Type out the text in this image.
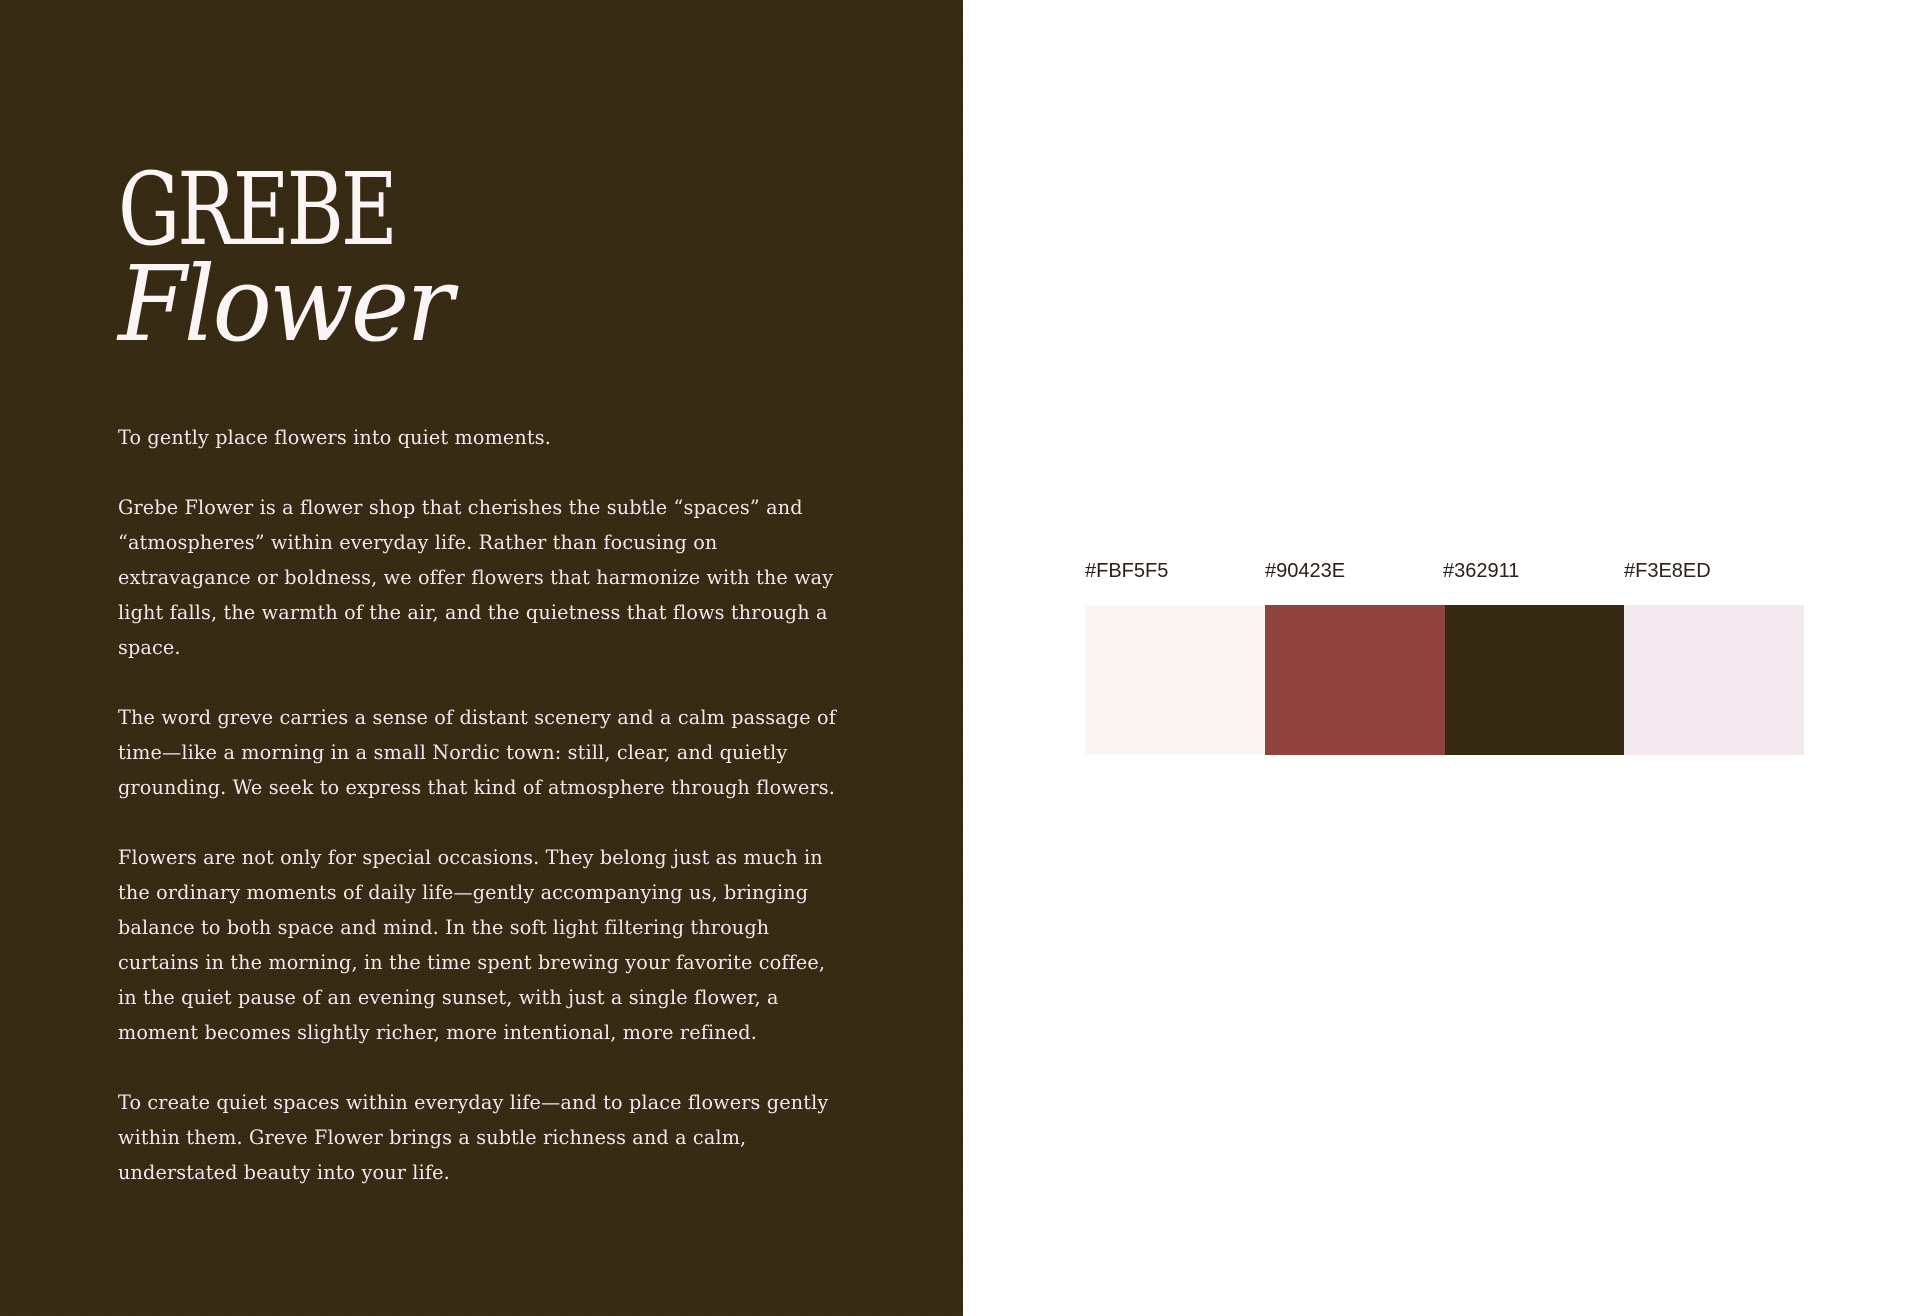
GREBE
Flower

To gently place flowers into quiet moments.

Grebe Flower is a flower shop that cherishes the subtle “spaces” and “atmospheres” within everyday life. Rather than focusing on extravagance or boldness, we offer flowers that harmonize with the way light falls, the warmth of the air, and the quietness that flows through a space.

The word greve carries a sense of distant scenery and a calm passage of time—like a morning in a small Nordic town: still, clear, and quietly grounding. We seek to express that kind of atmosphere through flowers.

Flowers are not only for special occasions. They belong just as much in the ordinary moments of daily life—gently accompanying us, bringing balance to both space and mind. In the soft light filtering through curtains in the morning, in the time spent brewing your favorite coffee, in the quiet pause of an evening sunset, with just a single flower, a moment becomes slightly richer, more intentional, more refined.

To create quiet spaces within everyday life—and to place flowers gently within them. Greve Flower brings a subtle richness and a calm, understated beauty into your life.

#FBF5F5	#90423E	#362911	#F3E8ED
